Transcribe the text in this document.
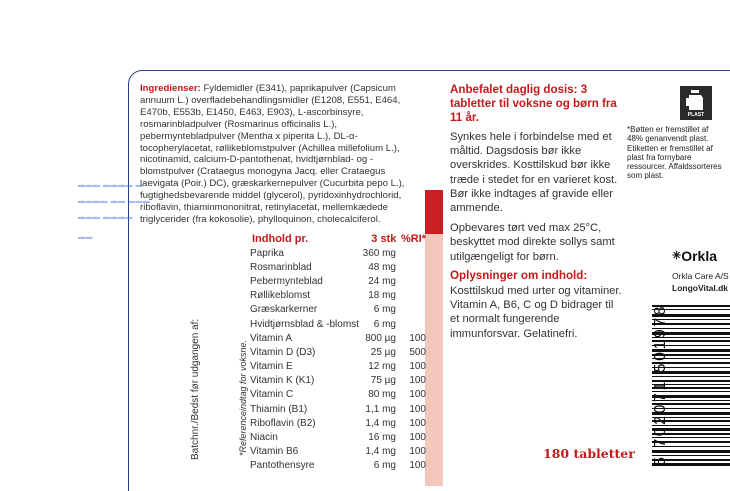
▬▬▬ ▬▬▬▬ ▬
▬▬▬▬ ▬▬ ▬▬▬
▬▬▬ ▬▬▬▬
▬▬
Ingredienser: Fyldemidler (E341), paprikapulver (Capsicum annuum L.) overfladebehandlingsmidler (E1208, E551, E464, E470b, E553b, E1450, E463, E903), L-ascorbinsyre, rosmarinbladpulver (Rosmarinus officinalis L.), pebermyntebladpulver (Mentha x piperita L.), DL-α-tocopherylacetat, røllikeblomstpulver (Achillea millefolium L.), nicotinamid, calcium-D-pantothenat, hvidtjørnblad- og -blomstpulver (Crataegus monogyna Jacq. eller Crataegus laevigata (Poir.) DC), græskarkernepulver (Cucurbita pepo L.), fugtighedsbevarende middel (glycerol), pyridoxinhydrochlorid, riboflavin, thiaminmononitrat, retinylacetat, mellemkædede triglycerider (fra kokosolie), phylloquinon, cholecalciferol.
Indhold pr.	3 stk %RI*
Paprika	360 mg
Rosmarinblad	48 mg
Pebermynteblad	24 mg
Røllikeblomst	18 mg
Græskarkerner	6 mg
Hvidtjørnsblad & -blomst	6 mg
Vitamin A	800 µg	100
Vitamin D (D3)	25 µg	500
Vitamin E	12 mg	100
Vitamin K (K1)	75 µg	100
Vitamin C	80 mg	100
Thiamin (B1)	1,1 mg	100
Riboflavin (B2)	1,4 mg	100
Niacin	16 mg	100
Vitamin B6	1,4 mg	100
Pantothensyre	6 mg	100
Batchnr./Bedst før udgangen af:	*Referenceindtag for voksne.
Anbefalet daglig dosis: 3 tabletter til voksne og børn fra 11 år.

Synkes hele i forbindelse med et måltid. Dagsdosis bør ikke overskrides. Kosttilskud bør ikke træde i stedet for en varieret kost. Bør ikke indtages af gravide eller ammende.

Opbevares tørt ved max 25°C, beskyttet mod direkte sollys samt utilgængeligt for børn.

Oplysninger om indhold:
Kosttilskud med urter og vitaminer. Vitamin A, B6, C og D bidrager til et normalt fungerende immunforsvar. Gelatinefri.
180 tabletter
PLAST
*Bøtten er fremstillet af 48% genanvendt plast. Etiketten er fremstillet af plast fra fornybare ressourcer. Affaldssorteres som plast.
✳Orkla
Orkla Care A/S
LongoVital.dk
5 702071 501978
